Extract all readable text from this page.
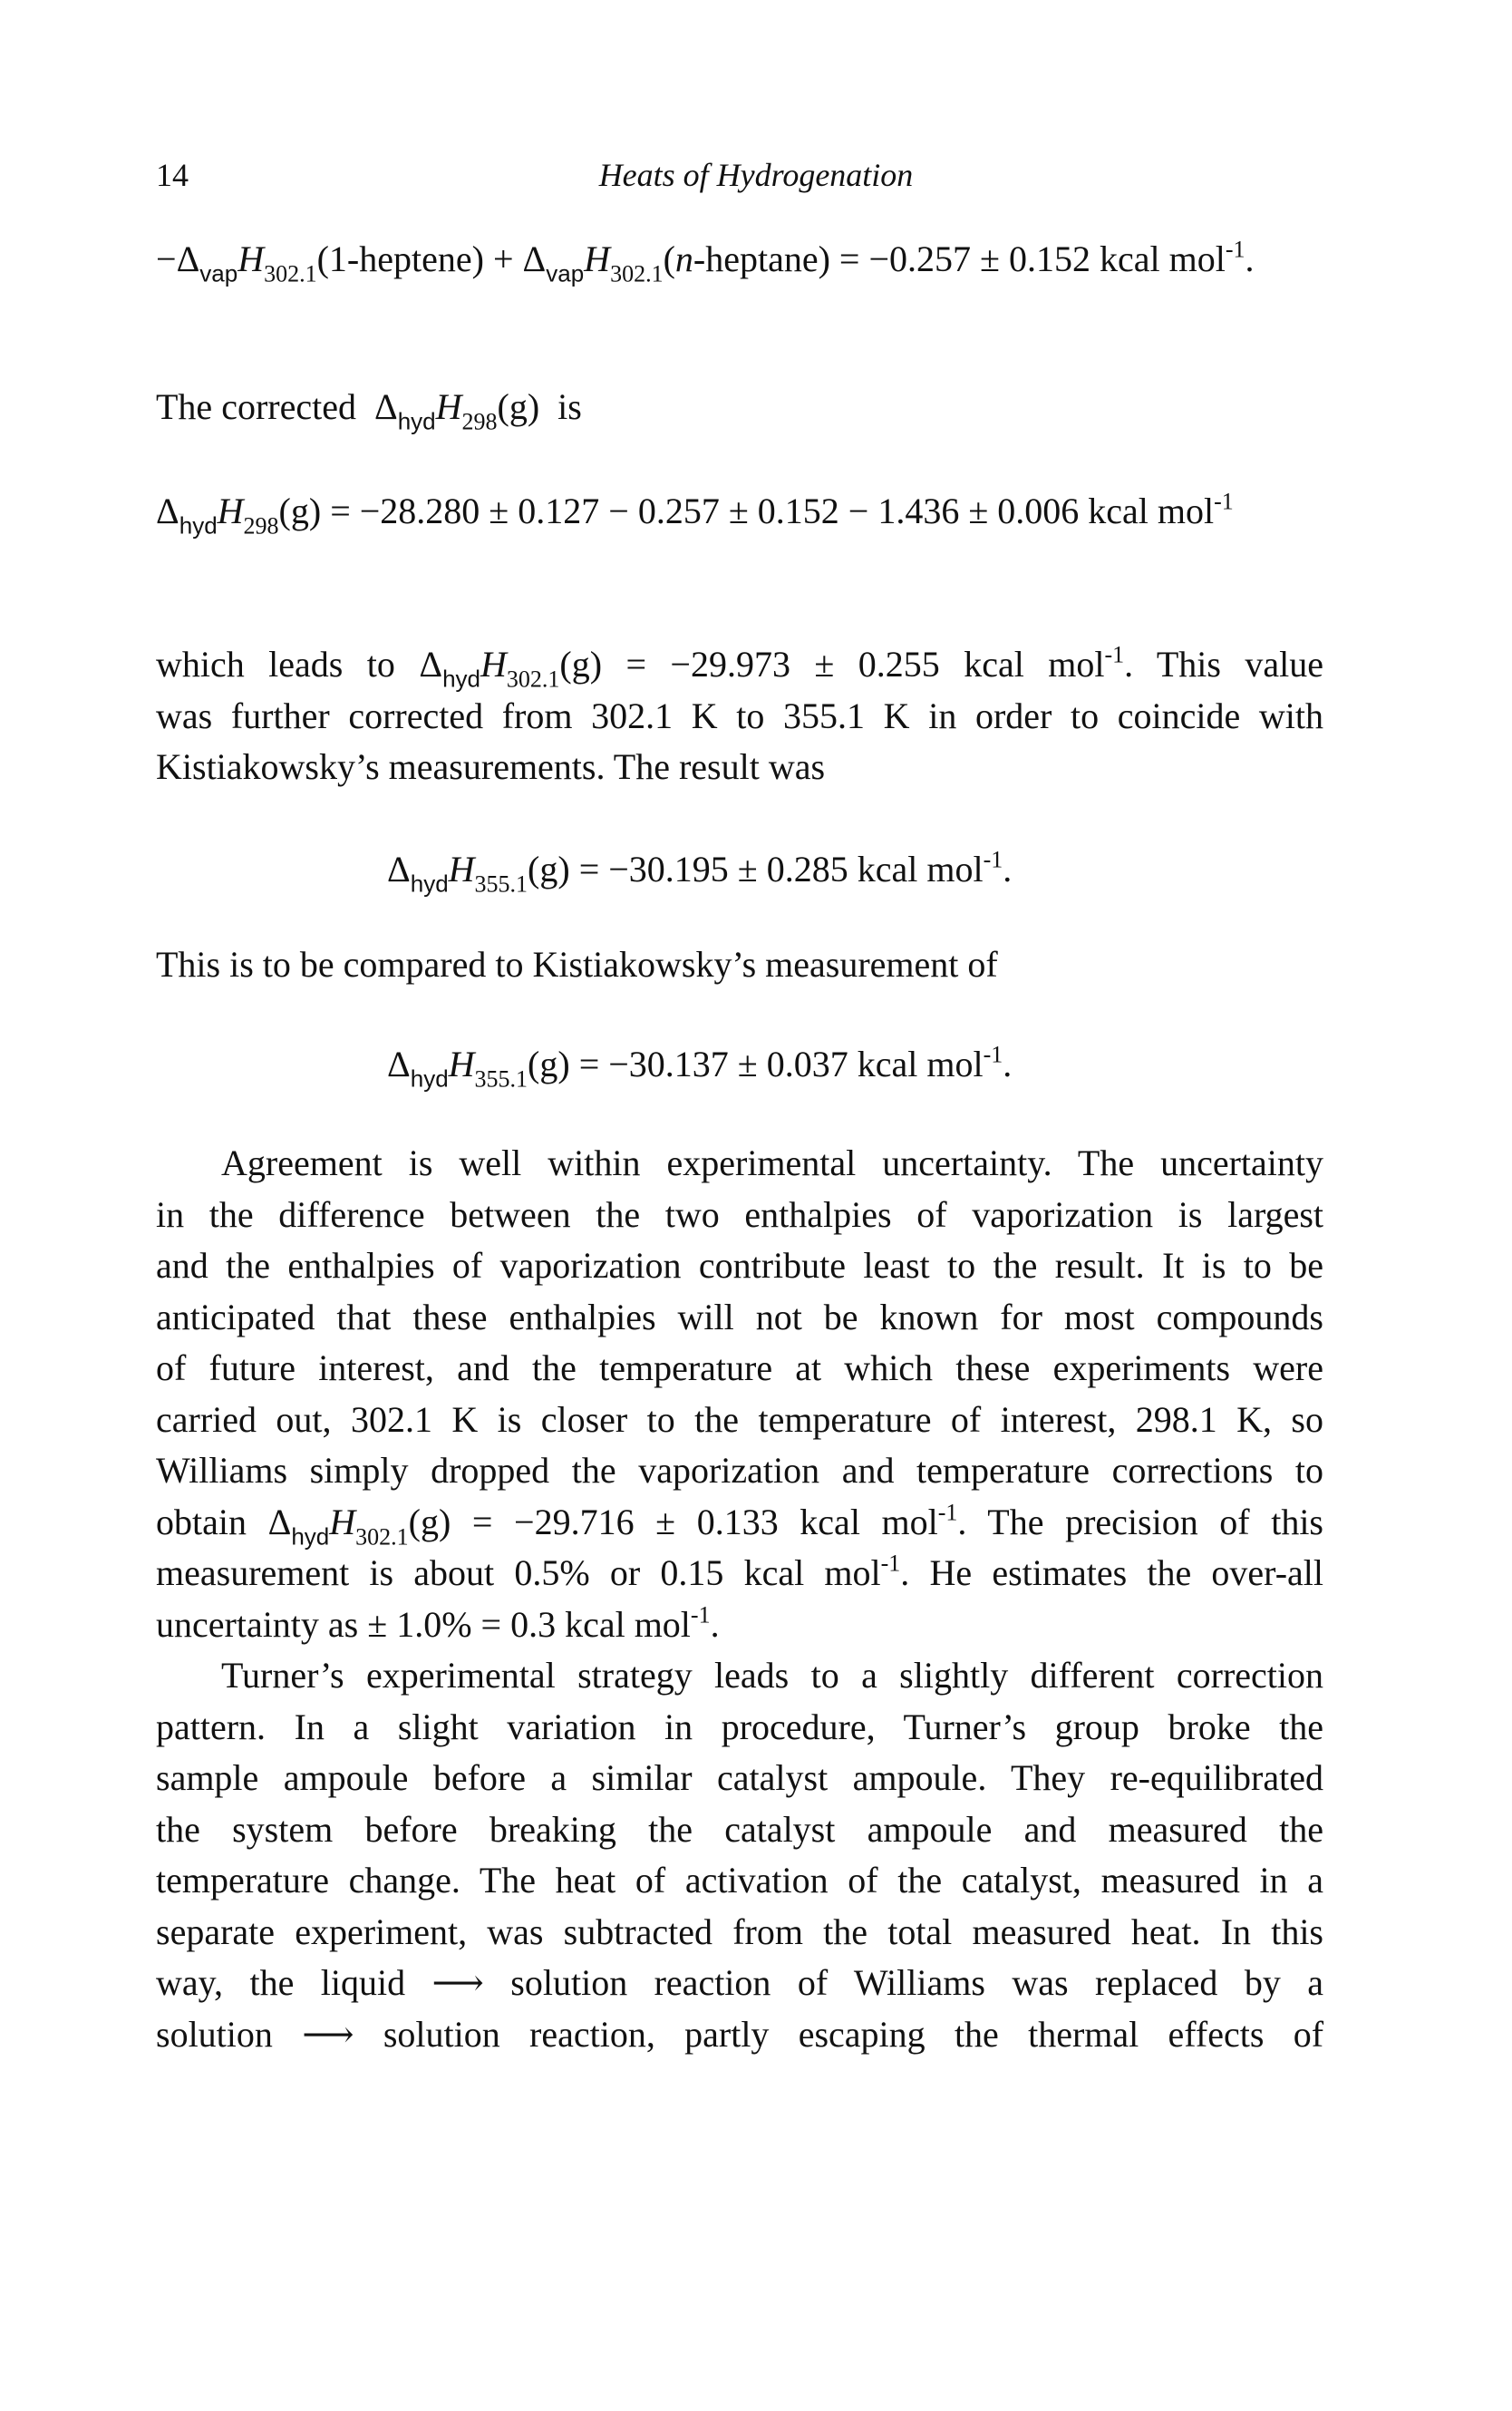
14	Heats of Hydrogenation
$-\Delta_{vap}H_{302.1}(1-heptene) + \Delta_{vap}H_{302.1}(n-heptane) = -0.257 \pm 0.152$ kcal mol$^{-1}$.
The corrected $\Delta_{hyd}H_{298}(g)$ is
$\Delta_{hyd}H_{298}(g) = -28.280 \pm 0.127 - 0.257 \pm 0.152 - 1.436 \pm 0.006$ kcal mol$^{-1}$
which leads to $\Delta_{hyd}H_{302.1}(g) = -29.973 \pm 0.255$ kcal mol$^{-1}$. This value
was further corrected from 302.1 K to 355.1 K in order to coincide with
Kistiakowsky’s measurements. The result was
$\Delta_{hyd}H_{355.1}(g) = -30.195 \pm 0.285$ kcal mol$^{-1}$.
This is to be compared to Kistiakowsky’s measurement of
$\Delta_{hyd}H_{355.1}(g) = -30.137 \pm 0.037$ kcal mol$^{-1}$.
Agreement is well within experimental uncertainty. The uncertainty
in the difference between the two enthalpies of vaporization is largest
and the enthalpies of vaporization contribute least to the result. It is to be
anticipated that these enthalpies will not be known for most compounds
of future interest, and the temperature at which these experiments were
carried out, 302.1 K is closer to the temperature of interest, 298.1 K, so
Williams simply dropped the vaporization and temperature corrections to
obtain $\Delta_{hyd}H_{302.1}(g) = -29.716 \pm 0.133$ kcal mol$^{-1}$. The precision of this
measurement is about 0.5% or 0.15 kcal mol$^{-1}$. He estimates the over-all
uncertainty as ± 1.0% = 0.3 kcal mol$^{-1}$.
Turner’s experimental strategy leads to a slightly different correction
pattern. In a slight variation in procedure, Turner’s group broke the
sample ampoule before a similar catalyst ampoule. They re-equilibrated
the system before breaking the catalyst ampoule and measured the
temperature change. The heat of activation of the catalyst, measured in a
separate experiment, was subtracted from the total measured heat. In this
way, the liquid ⟶ solution reaction of Williams was replaced by a
solution ⟶ solution reaction, partly escaping the thermal effects of
